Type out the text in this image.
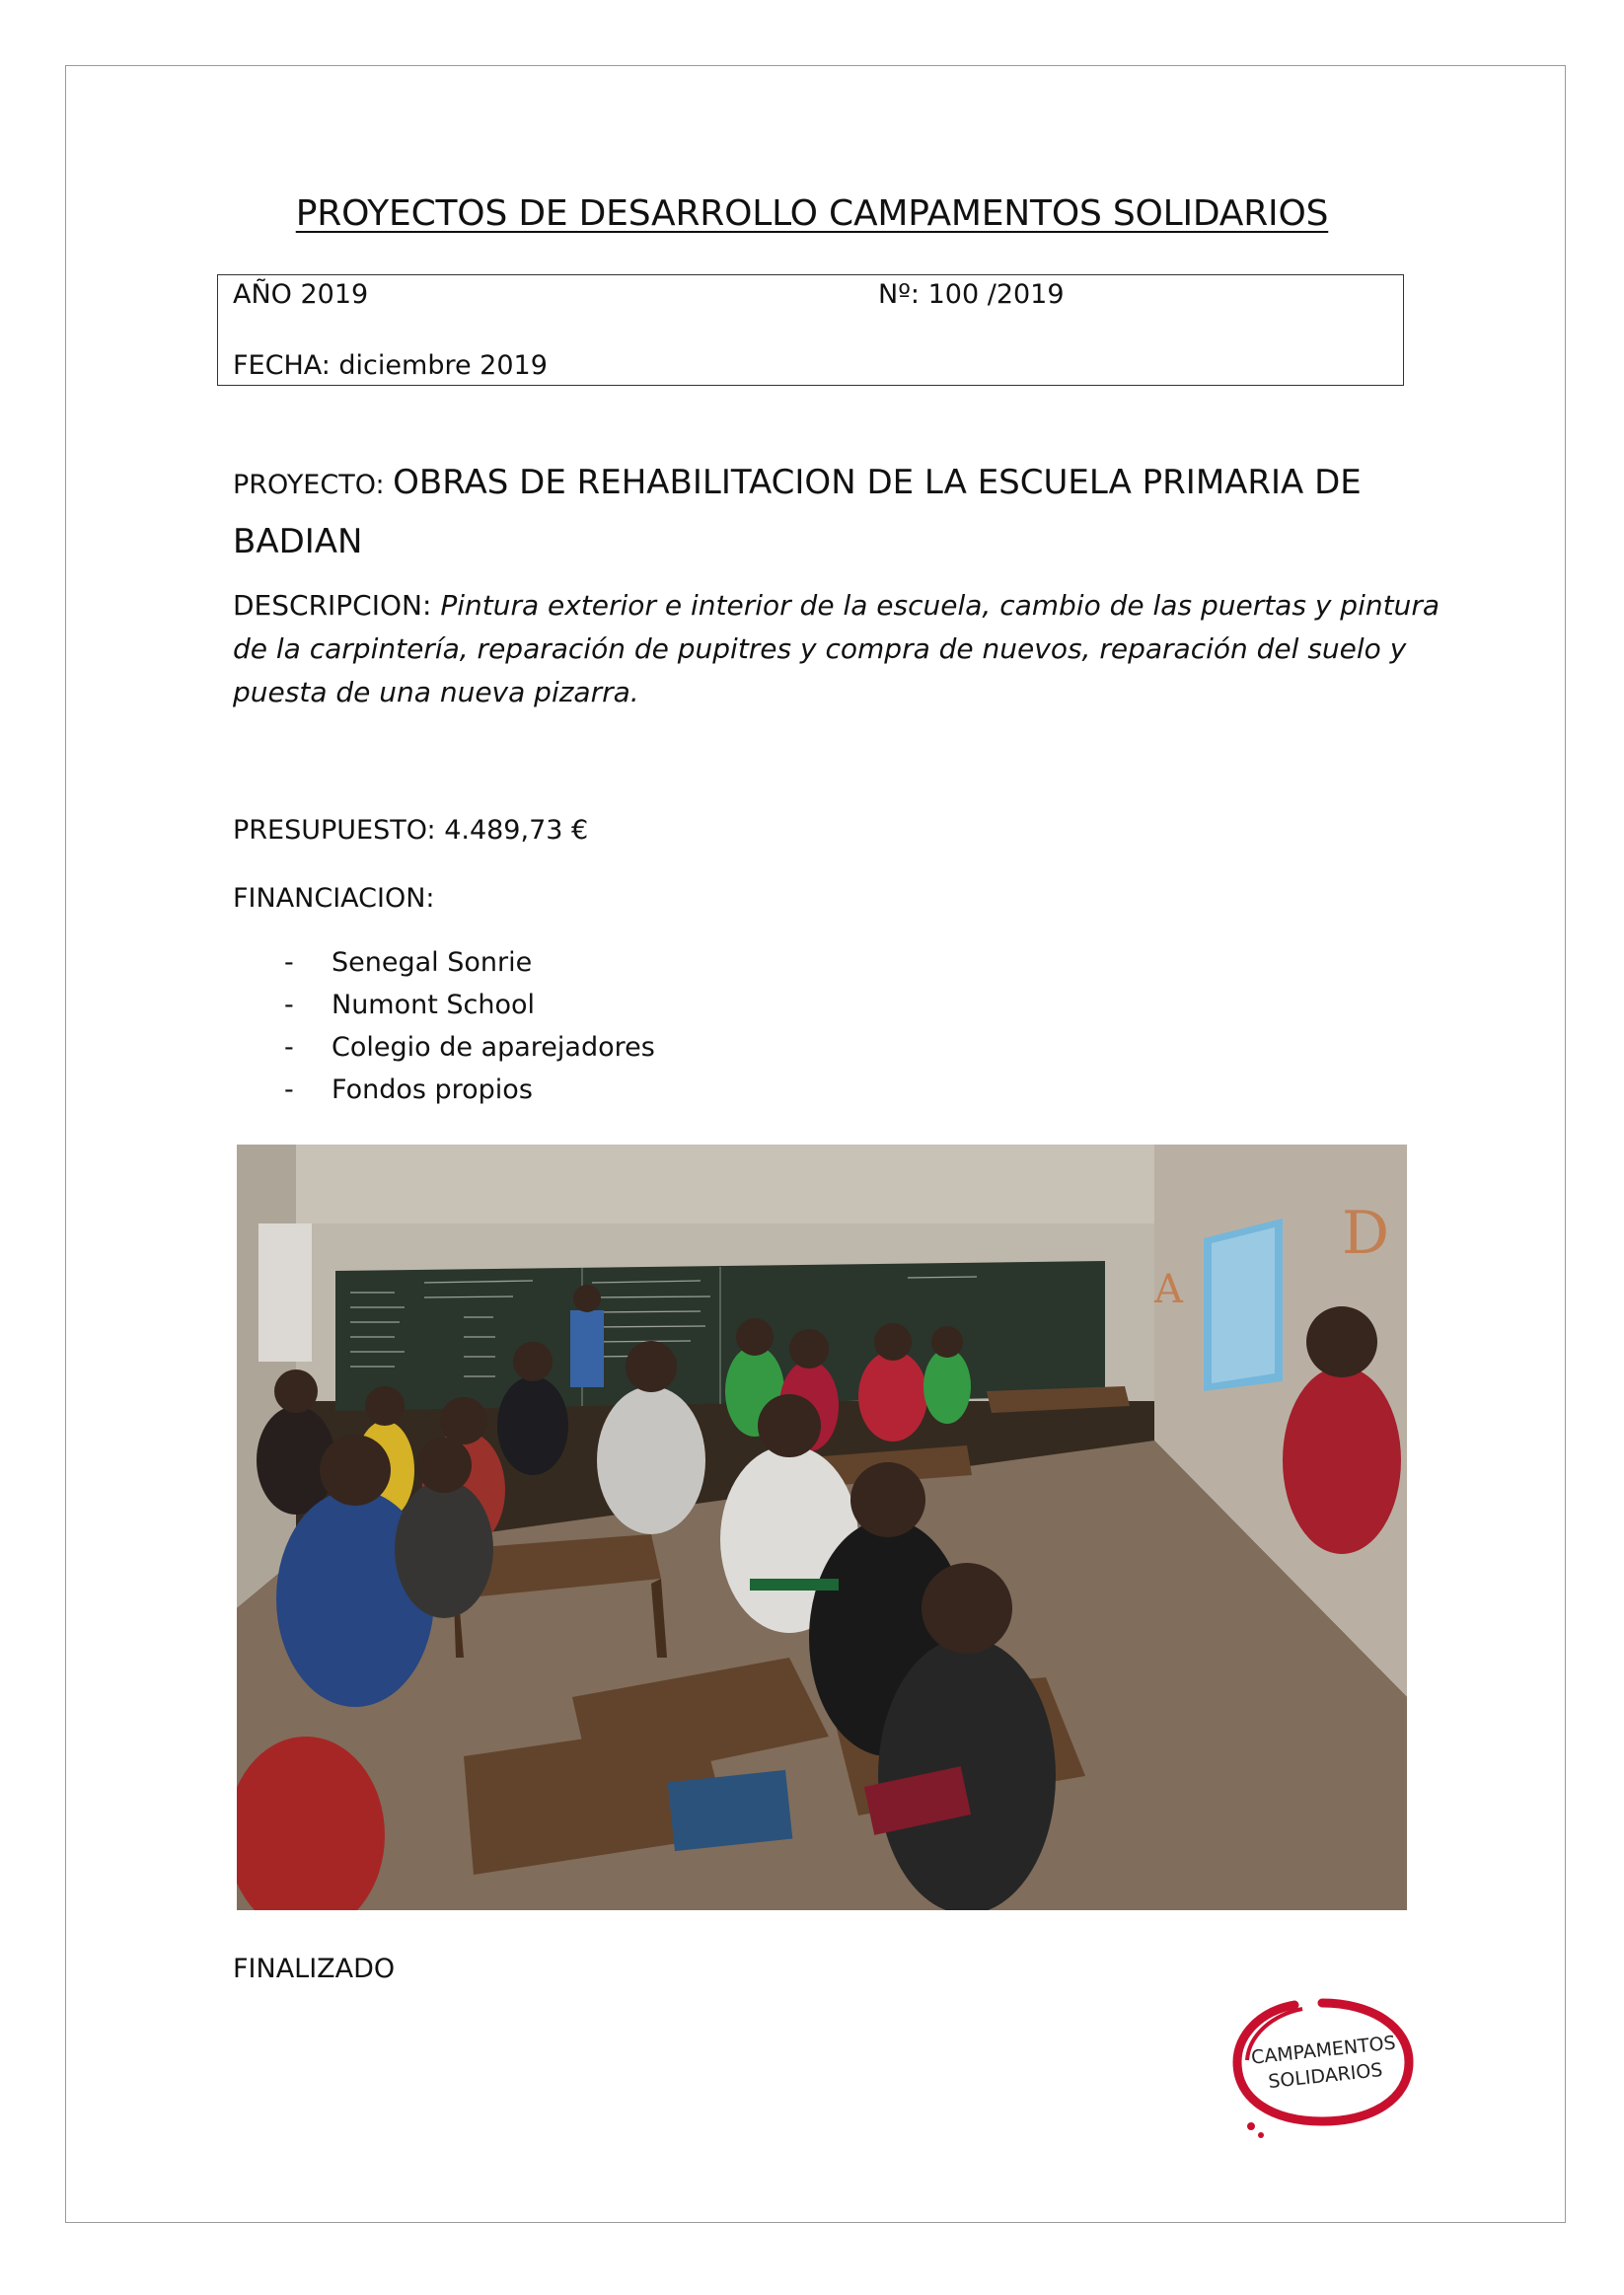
PROYECTOS DE DESARROLLO CAMPAMENTOS SOLIDARIOS
AÑO 2019	Nº: 100 /2019
FECHA: diciembre 2019
PROYECTO: OBRAS DE REHABILITACION DE LA ESCUELA PRIMARIA DE BADIAN
DESCRIPCION: Pintura exterior e interior de la escuela, cambio de las puertas y pintura de la carpintería, reparación de pupitres y compra de nuevos, reparación del suelo y puesta de una nueva pizarra.
PRESUPUESTO: 4.489,73 €
FINANCIACION:
- Senegal Sonrie
- Numont School
- Colegio de aparejadores
- Fondos propios
D
A
FINALIZADO
CAMPAMENTOS
SOLIDARIOS
